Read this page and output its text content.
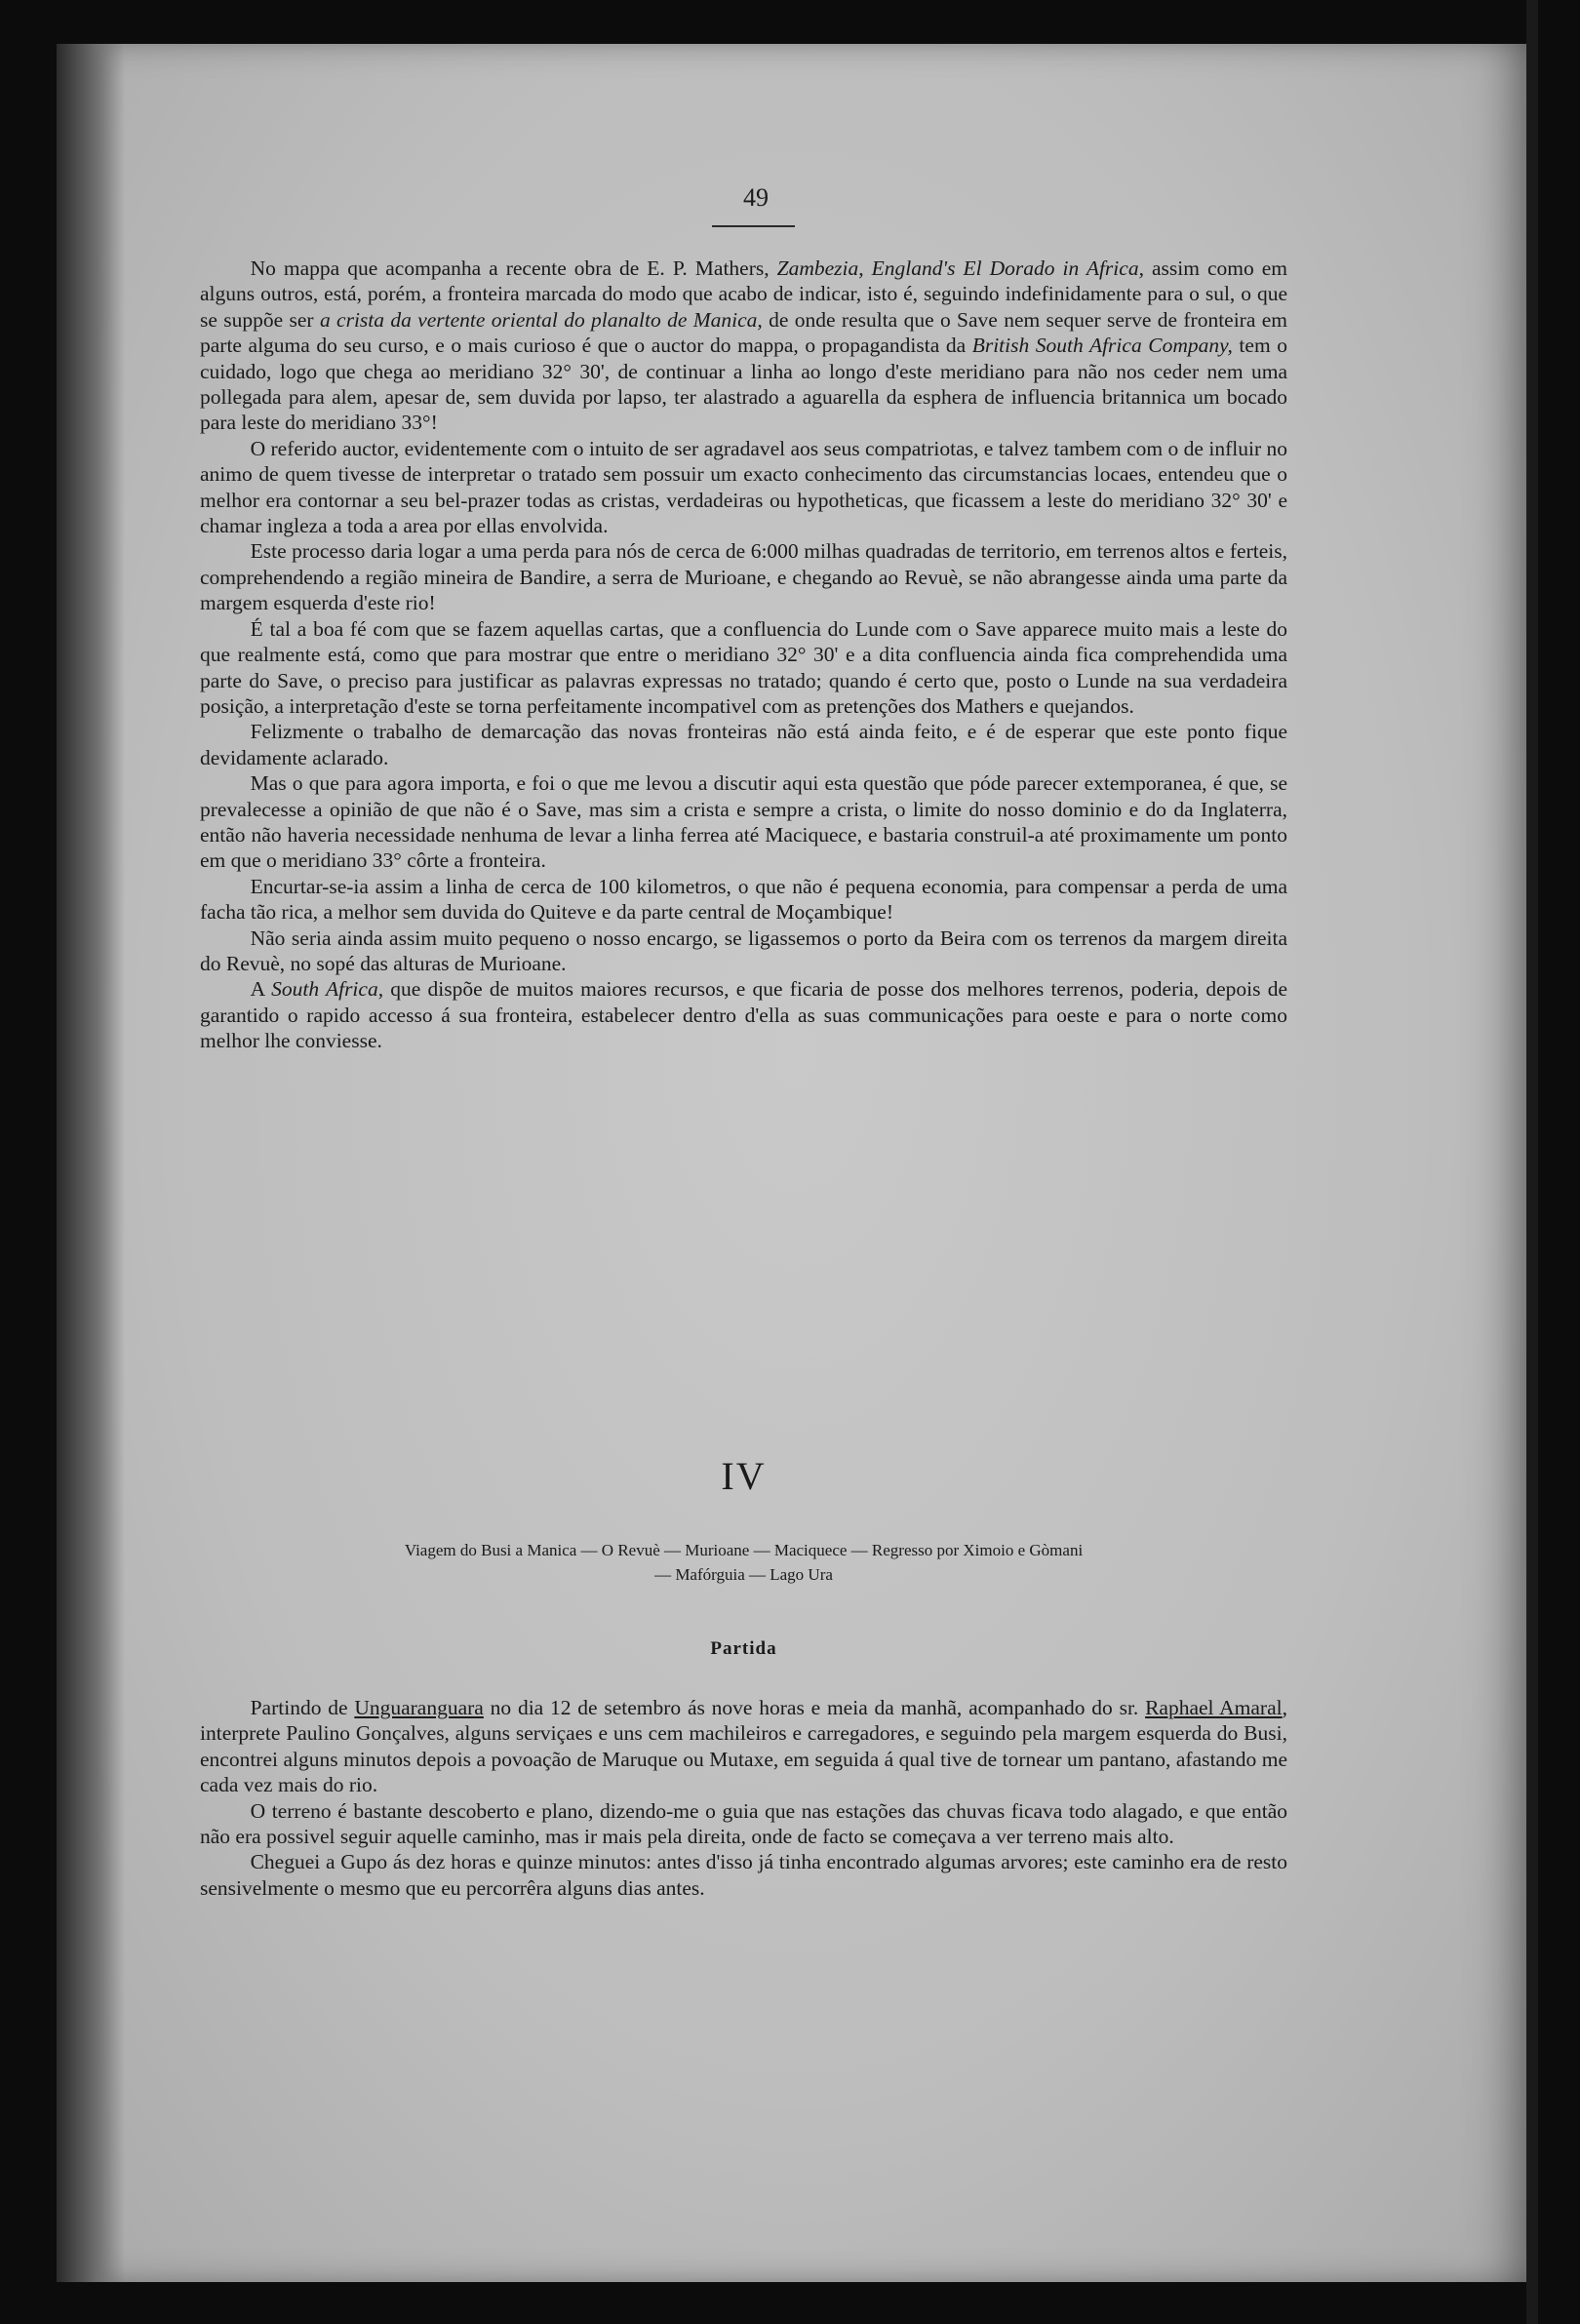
49

No mappa que acompanha a recente obra de E. P. Mathers, Zambezia, England's El Dorado in Africa, assim como em alguns outros, está, porém, a fronteira marcada do modo que acabo de indicar, isto é, seguindo indefinidamente para o sul, o que se suppõe ser a crista da vertente oriental do planalto de Manica, de onde resulta que o Save nem sequer serve de fronteira em parte alguma do seu curso, e o mais curioso é que o auctor do mappa, o propagandista da British South Africa Company, tem o cuidado, logo que chega ao meridiano 32° 30', de continuar a linha ao longo d'este meridiano para não nos ceder nem uma pollegada para alem, apesar de, sem duvida por lapso, ter alastrado a aguarella da esphera de influencia britannica um bocado para leste do meridiano 33°!

O referido auctor, evidentemente com o intuito de ser agradavel aos seus compatriotas, e talvez tambem com o de influir no animo de quem tivesse de interpretar o tratado sem possuir um exacto conhecimento das circumstancias locaes, entendeu que o melhor era contornar a seu bel-prazer todas as cristas, verdadeiras ou hypotheticas, que ficassem a leste do meridiano 32° 30' e chamar ingleza a toda a area por ellas envolvida.

Este processo daria logar a uma perda para nós de cerca de 6:000 milhas quadradas de territorio, em terrenos altos e ferteis, comprehendendo a região mineira de Bandire, a serra de Murioane, e chegando ao Revuè, se não abrangesse ainda uma parte da margem esquerda d'este rio!

É tal a boa fé com que se fazem aquellas cartas, que a confluencia do Lunde com o Save apparece muito mais a leste do que realmente está, como que para mostrar que entre o meridiano 32° 30' e a dita confluencia ainda fica comprehendida uma parte do Save, o preciso para justificar as palavras expressas no tratado; quando é certo que, posto o Lunde na sua verdadeira posição, a interpretação d'este se torna perfeitamente incompativel com as pretenções dos Mathers e quejandos.

Felizmente o trabalho de demarcação das novas fronteiras não está ainda feito, e é de esperar que este ponto fique devidamente aclarado.

Mas o que para agora importa, e foi o que me levou a discutir aqui esta questão que póde parecer extemporanea, é que, se prevalecesse a opinião de que não é o Save, mas sim a crista e sempre a crista, o limite do nosso dominio e do da Inglaterra, então não haveria necessidade nenhuma de levar a linha ferrea até Maciquece, e bastaria construil-a até proximamente um ponto em que o meridiano 33° côrte a fronteira.

Encurtar-se-ia assim a linha de cerca de 100 kilometros, o que não é pequena economia, para compensar a perda de uma facha tão rica, a melhor sem duvida do Quiteve e da parte central de Moçambique!

Não seria ainda assim muito pequeno o nosso encargo, se ligassemos o porto da Beira com os terrenos da margem direita do Revuè, no sopé das alturas de Murioane.

A South Africa, que dispõe de muitos maiores recursos, e que ficaria de posse dos melhores terrenos, poderia, depois de garantido o rapido accesso á sua fronteira, estabelecer dentro d'ella as suas communicações para oeste e para o norte como melhor lhe conviesse.

IV
Viagem do Busi a Manica — O Revuè — Murioane — Maciquece — Regresso por Ximoio e Gòmani
— Mafórguia — Lago Ura
Partida

Partindo de Unguaranguara no dia 12 de setembro ás nove horas e meia da manhã, acompanhado do sr. Raphael Amaral, interprete Paulino Gonçalves, alguns serviçaes e uns cem machileiros e carregadores, e seguindo pela margem esquerda do Busi, encontrei alguns minutos depois a povoação de Maruque ou Mutaxe, em seguida á qual tive de tornear um pantano, afastando me cada vez mais do rio.

O terreno é bastante descoberto e plano, dizendo-me o guia que nas estações das chuvas ficava todo alagado, e que então não era possivel seguir aquelle caminho, mas ir mais pela direita, onde de facto se começava a ver terreno mais alto.

Cheguei a Gupo ás dez horas e quinze minutos: antes d'isso já tinha encontrado algumas arvores; este caminho era de resto sensivelmente o mesmo que eu percorrêra alguns dias antes.
